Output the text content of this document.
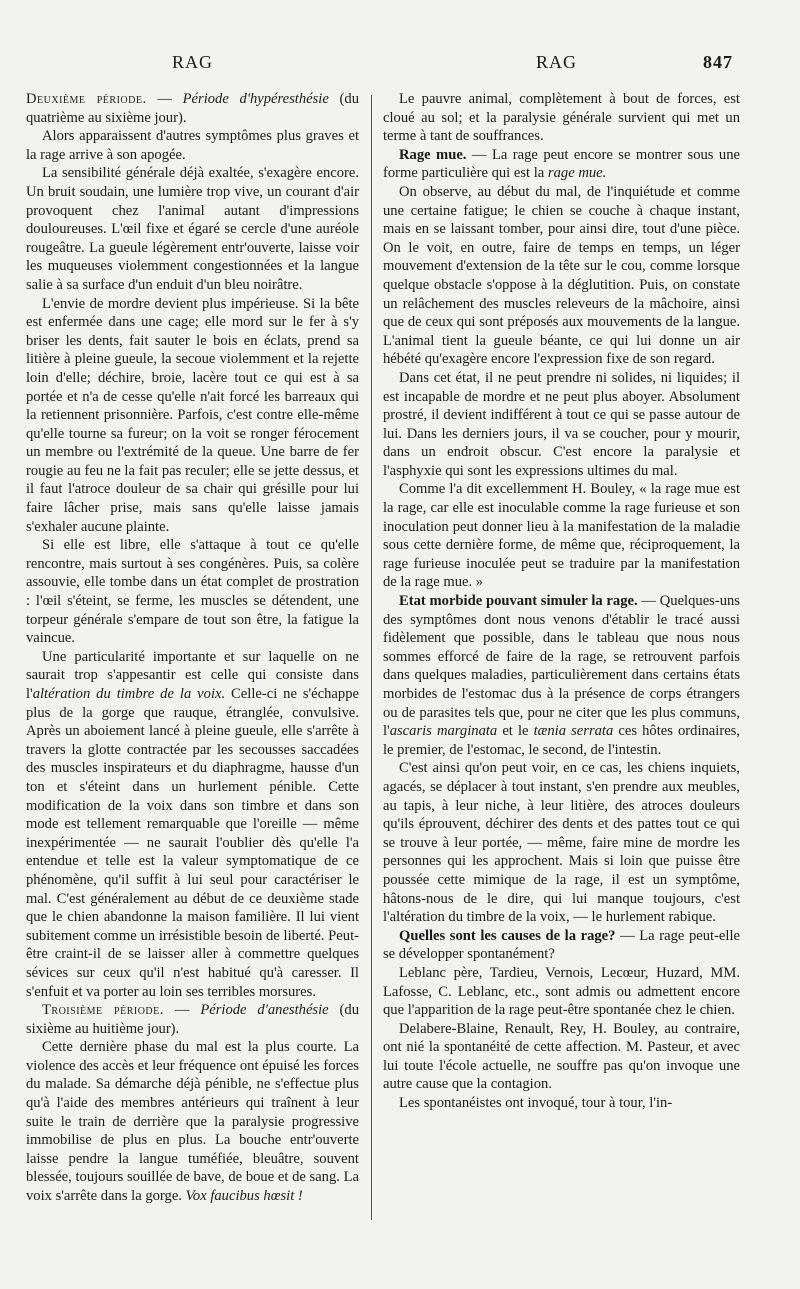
RAG	RAG	847

Deuxième période. — Période d'hypéresthésie (du quatrième au sixième jour).

Alors apparaissent d'autres symptômes plus graves et la rage arrive à son apogée.

La sensibilité générale déjà exaltée, s'exagère encore. Un bruit soudain, une lumière trop vive, un courant d'air provoquent chez l'animal autant d'impressions douloureuses. L'œil fixe et égaré se cercle d'une auréole rougeâtre. La gueule légèrement entr'ouverte, laisse voir les muqueuses violemment congestionnées et la langue salie à sa surface d'un enduit d'un bleu noirâtre.

L'envie de mordre devient plus impérieuse. Si la bête est enfermée dans une cage; elle mord sur le fer à s'y briser les dents, fait sauter le bois en éclats, prend sa litière à pleine gueule, la secoue violemment et la rejette loin d'elle; déchire, broie, lacère tout ce qui est à sa portée et n'a de cesse qu'elle n'ait forcé les barreaux qui la retiennent prisonnière. Parfois, c'est contre elle-même qu'elle tourne sa fureur; on la voit se ronger férocement un membre ou l'extrémité de la queue. Une barre de fer rougie au feu ne la fait pas reculer; elle se jette dessus, et il faut l'atroce douleur de sa chair qui grésille pour lui faire lâcher prise, mais sans qu'elle laisse jamais s'exhaler aucune plainte.

Si elle est libre, elle s'attaque à tout ce qu'elle rencontre, mais surtout à ses congénères. Puis, sa colère assouvie, elle tombe dans un état complet de prostration : l'œil s'éteint, se ferme, les muscles se détendent, une torpeur générale s'empare de tout son être, la fatigue la vaincue.

Une particularité importante et sur laquelle on ne saurait trop s'appesantir est celle qui consiste dans l'altération du timbre de la voix. Celle-ci ne s'échappe plus de la gorge que rauque, étranglée, convulsive. Après un aboiement lancé à pleine gueule, elle s'arrête à travers la glotte contractée par les secousses saccadées des muscles inspirateurs et du diaphragme, hausse d'un ton et s'éteint dans un hurlement pénible. Cette modification de la voix dans son timbre et dans son mode est tellement remarquable que l'oreille — même inexpérimentée — ne saurait l'oublier dès qu'elle l'a entendue et telle est la valeur symptomatique de ce phénomène, qu'il suffit à lui seul pour caractériser le mal. C'est généralement au début de ce deuxième stade que le chien abandonne la maison familière. Il lui vient subitement comme un irrésistible besoin de liberté. Peut-être craint-il de se laisser aller à commettre quelques sévices sur ceux qu'il n'est habitué qu'à caresser. Il s'enfuit et va porter au loin ses terribles morsures.

Troisième période. — Période d'anesthésie (du sixième au huitième jour).

Cette dernière phase du mal est la plus courte. La violence des accès et leur fréquence ont épuisé les forces du malade. Sa démarche déjà pénible, ne s'effectue plus qu'à l'aide des membres antérieurs qui traînent à leur suite le train de derrière que la paralysie progressive immobilise de plus en plus. La bouche entr'ouverte laisse pendre la langue tuméfiée, bleuâtre, souvent blessée, toujours souillée de bave, de boue et de sang. La voix s'arrête dans la gorge. Vox faucibus hœsit !

Le pauvre animal, complètement à bout de forces, est cloué au sol; et la paralysie générale survient qui met un terme à tant de souffrances.

Rage mue. — La rage peut encore se montrer sous une forme particulière qui est la rage mue.

On observe, au début du mal, de l'inquiétude et comme une certaine fatigue; le chien se couche à chaque instant, mais en se laissant tomber, pour ainsi dire, tout d'une pièce. On le voit, en outre, faire de temps en temps, un léger mouvement d'extension de la tête sur le cou, comme lorsque quelque obstacle s'oppose à la déglutition. Puis, on constate un relâchement des muscles releveurs de la mâchoire, ainsi que de ceux qui sont préposés aux mouvements de la langue. L'animal tient la gueule béante, ce qui lui donne un air hébété qu'exagère encore l'expression fixe de son regard.

Dans cet état, il ne peut prendre ni solides, ni liquides; il est incapable de mordre et ne peut plus aboyer. Absolument prostré, il devient indifférent à tout ce qui se passe autour de lui. Dans les derniers jours, il va se coucher, pour y mourir, dans un endroit obscur. C'est encore la paralysie et l'asphyxie qui sont les expressions ultimes du mal.

Comme l'a dit excellemment H. Bouley, « la rage mue est la rage, car elle est inoculable comme la rage furieuse et son inoculation peut donner lieu à la manifestation de la maladie sous cette dernière forme, de même que, réciproquement, la rage furieuse inoculée peut se traduire par la manifestation de la rage mue. »

Etat morbide pouvant simuler la rage. — Quelques-uns des symptômes dont nous venons d'établir le tracé aussi fidèlement que possible, dans le tableau que nous nous sommes efforcé de faire de la rage, se retrouvent parfois dans quelques maladies, particulièrement dans certains états morbides de l'estomac dus à la présence de corps étrangers ou de parasites tels que, pour ne citer que les plus communs, l'ascaris marginata et le tænia serrata ces hôtes ordinaires, le premier, de l'estomac, le second, de l'intestin.

C'est ainsi qu'on peut voir, en ce cas, les chiens inquiets, agacés, se déplacer à tout instant, s'en prendre aux meubles, au tapis, à leur niche, à leur litière, des atroces douleurs qu'ils éprouvent, déchirer des dents et des pattes tout ce qui se trouve à leur portée, — même, faire mine de mordre les personnes qui les approchent. Mais si loin que puisse être poussée cette mimique de la rage, il est un symptôme, hâtons-nous de le dire, qui lui manque toujours, c'est l'altération du timbre de la voix, — le hurlement rabique.

Quelles sont les causes de la rage? — La rage peut-elle se développer spontanément?

Leblanc père, Tardieu, Vernois, Lecœur, Huzard, MM. Lafosse, C. Leblanc, etc., sont admis ou admettent encore que l'apparition de la rage peut-être spontanée chez le chien.

Delabere-Blaine, Renault, Rey, H. Bouley, au contraire, ont nié la spontanéité de cette affection. M. Pasteur, et avec lui toute l'école actuelle, ne souffre pas qu'on invoque une autre cause que la contagion.

Les spontanéistes ont invoqué, tour à tour, l'in-
